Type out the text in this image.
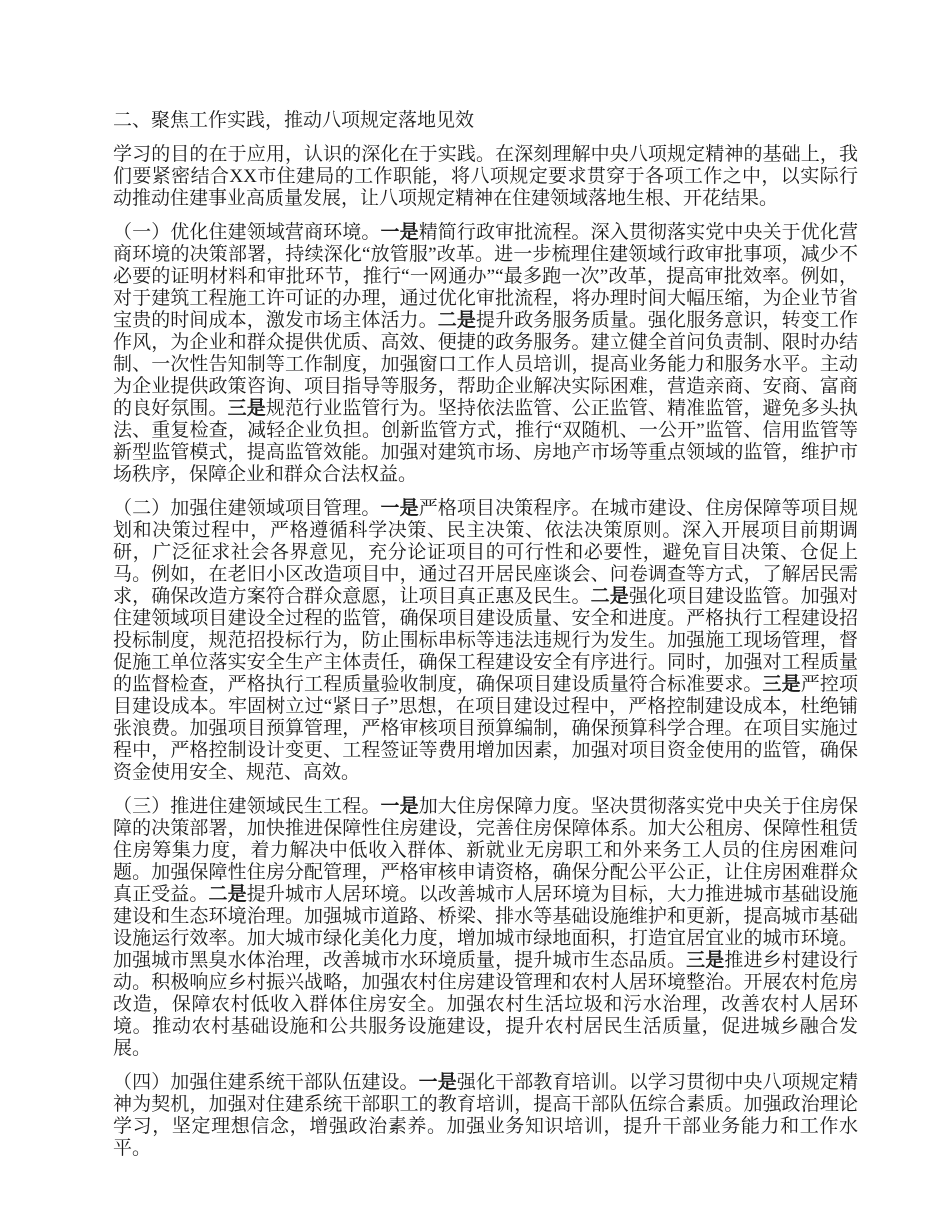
二、聚焦工作实践，推动八项规定落地见效

学习的目的在于应用，认识的深化在于实践。在深刻理解中央八项规定精神的基础上，我们要紧密结合XX市住建局的工作职能，将八项规定要求贯穿于各项工作之中，以实际行动推动住建事业高质量发展，让八项规定精神在住建领域落地生根、开花结果。

（一）优化住建领域营商环境。一是精简行政审批流程。深入贯彻落实党中央关于优化营商环境的决策部署，持续深化“放管服”改革。进一步梳理住建领域行政审批事项，减少不必要的证明材料和审批环节，推行“一网通办”“最多跑一次”改革，提高审批效率。例如，对于建筑工程施工许可证的办理，通过优化审批流程，将办理时间大幅压缩，为企业节省宝贵的时间成本，激发市场主体活力。二是提升政务服务质量。强化服务意识，转变工作作风，为企业和群众提供优质、高效、便捷的政务服务。建立健全首问负责制、限时办结制、一次性告知制等工作制度，加强窗口工作人员培训，提高业务能力和服务水平。主动为企业提供政策咨询、项目指导等服务，帮助企业解决实际困难，营造亲商、安商、富商的良好氛围。三是规范行业监管行为。坚持依法监管、公正监管、精准监管，避免多头执法、重复检查，减轻企业负担。创新监管方式，推行“双随机、一公开”监管、信用监管等新型监管模式，提高监管效能。加强对建筑市场、房地产市场等重点领域的监管，维护市场秩序，保障企业和群众合法权益。

（二）加强住建领域项目管理。一是严格项目决策程序。在城市建设、住房保障等项目规划和决策过程中，严格遵循科学决策、民主决策、依法决策原则。深入开展项目前期调研，广泛征求社会各界意见，充分论证项目的可行性和必要性，避免盲目决策、仓促上马。例如，在老旧小区改造项目中，通过召开居民座谈会、问卷调查等方式，了解居民需求，确保改造方案符合群众意愿，让项目真正惠及民生。二是强化项目建设监管。加强对住建领域项目建设全过程的监管，确保项目建设质量、安全和进度。严格执行工程建设招投标制度，规范招投标行为，防止围标串标等违法违规行为发生。加强施工现场管理，督促施工单位落实安全生产主体责任，确保工程建设安全有序进行。同时，加强对工程质量的监督检查，严格执行工程质量验收制度，确保项目建设质量符合标准要求。三是严控项目建设成本。牢固树立过“紧日子”思想，在项目建设过程中，严格控制建设成本，杜绝铺张浪费。加强项目预算管理，严格审核项目预算编制，确保预算科学合理。在项目实施过程中，严格控制设计变更、工程签证等费用增加因素，加强对项目资金使用的监管，确保资金使用安全、规范、高效。

（三）推进住建领域民生工程。一是加大住房保障力度。坚决贯彻落实党中央关于住房保障的决策部署，加快推进保障性住房建设，完善住房保障体系。加大公租房、保障性租赁住房筹集力度，着力解决中低收入群体、新就业无房职工和外来务工人员的住房困难问题。加强保障性住房分配管理，严格审核申请资格，确保分配公平公正，让住房困难群众真正受益。二是提升城市人居环境。以改善城市人居环境为目标，大力推进城市基础设施建设和生态环境治理。加强城市道路、桥梁、排水等基础设施维护和更新，提高城市基础设施运行效率。加大城市绿化美化力度，增加城市绿地面积，打造宜居宜业的城市环境。加强城市黑臭水体治理，改善城市水环境质量，提升城市生态品质。三是推进乡村建设行动。积极响应乡村振兴战略，加强农村住房建设管理和农村人居环境整治。开展农村危房改造，保障农村低收入群体住房安全。加强农村生活垃圾和污水治理，改善农村人居环境。推动农村基础设施和公共服务设施建设，提升农村居民生活质量，促进城乡融合发展。

（四）加强住建系统干部队伍建设。一是强化干部教育培训。以学习贯彻中央八项规定精神为契机，加强对住建系统干部职工的教育培训，提高干部队伍综合素质。加强政治理论学习，坚定理想信念，增强政治素养。加强业务知识培训，提升干部业务能力和工作水平。
